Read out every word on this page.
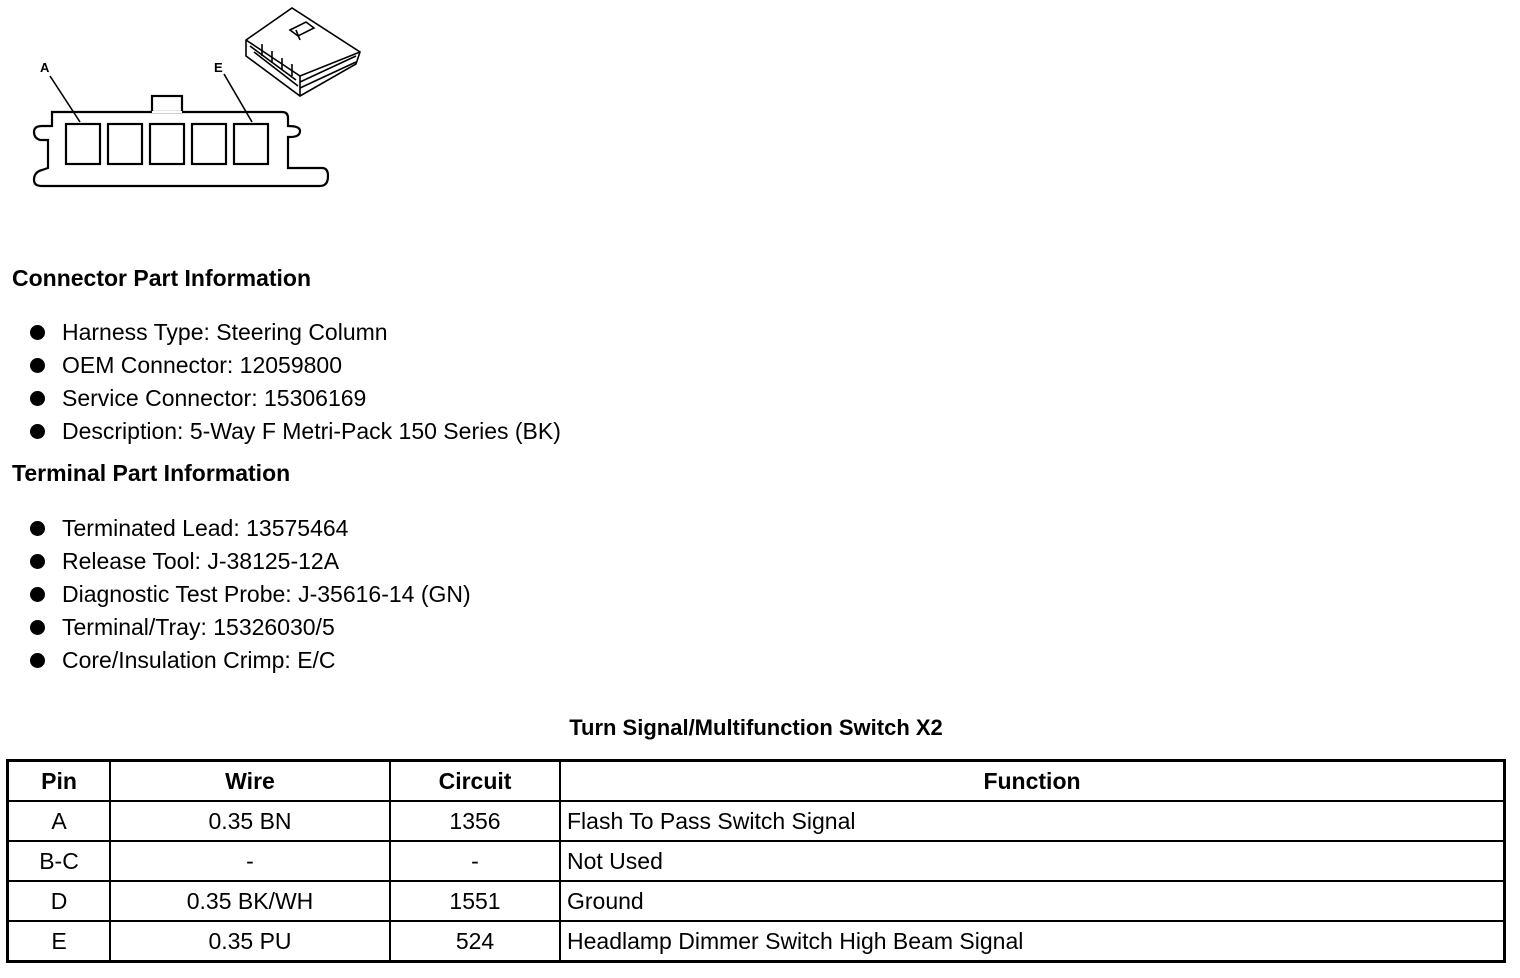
A	E
Connector Part Information
Harness Type: Steering Column
OEM Connector: 12059800
Service Connector: 15306169
Description: 5-Way F Metri-Pack 150 Series (BK)
Terminal Part Information
Terminated Lead: 13575464
Release Tool: J-38125-12A
Diagnostic Test Probe: J-35616-14 (GN)
Terminal/Tray: 15326030/5
Core/Insulation Crimp: E/C
Turn Signal/Multifunction Switch X2
Pin	Wire	Circuit	Function
A	0.35 BN	1356	Flash To Pass Switch Signal
B-C	-	-	Not Used
D	0.35 BK/WH	1551	Ground
E	0.35 PU	524	Headlamp Dimmer Switch High Beam Signal
